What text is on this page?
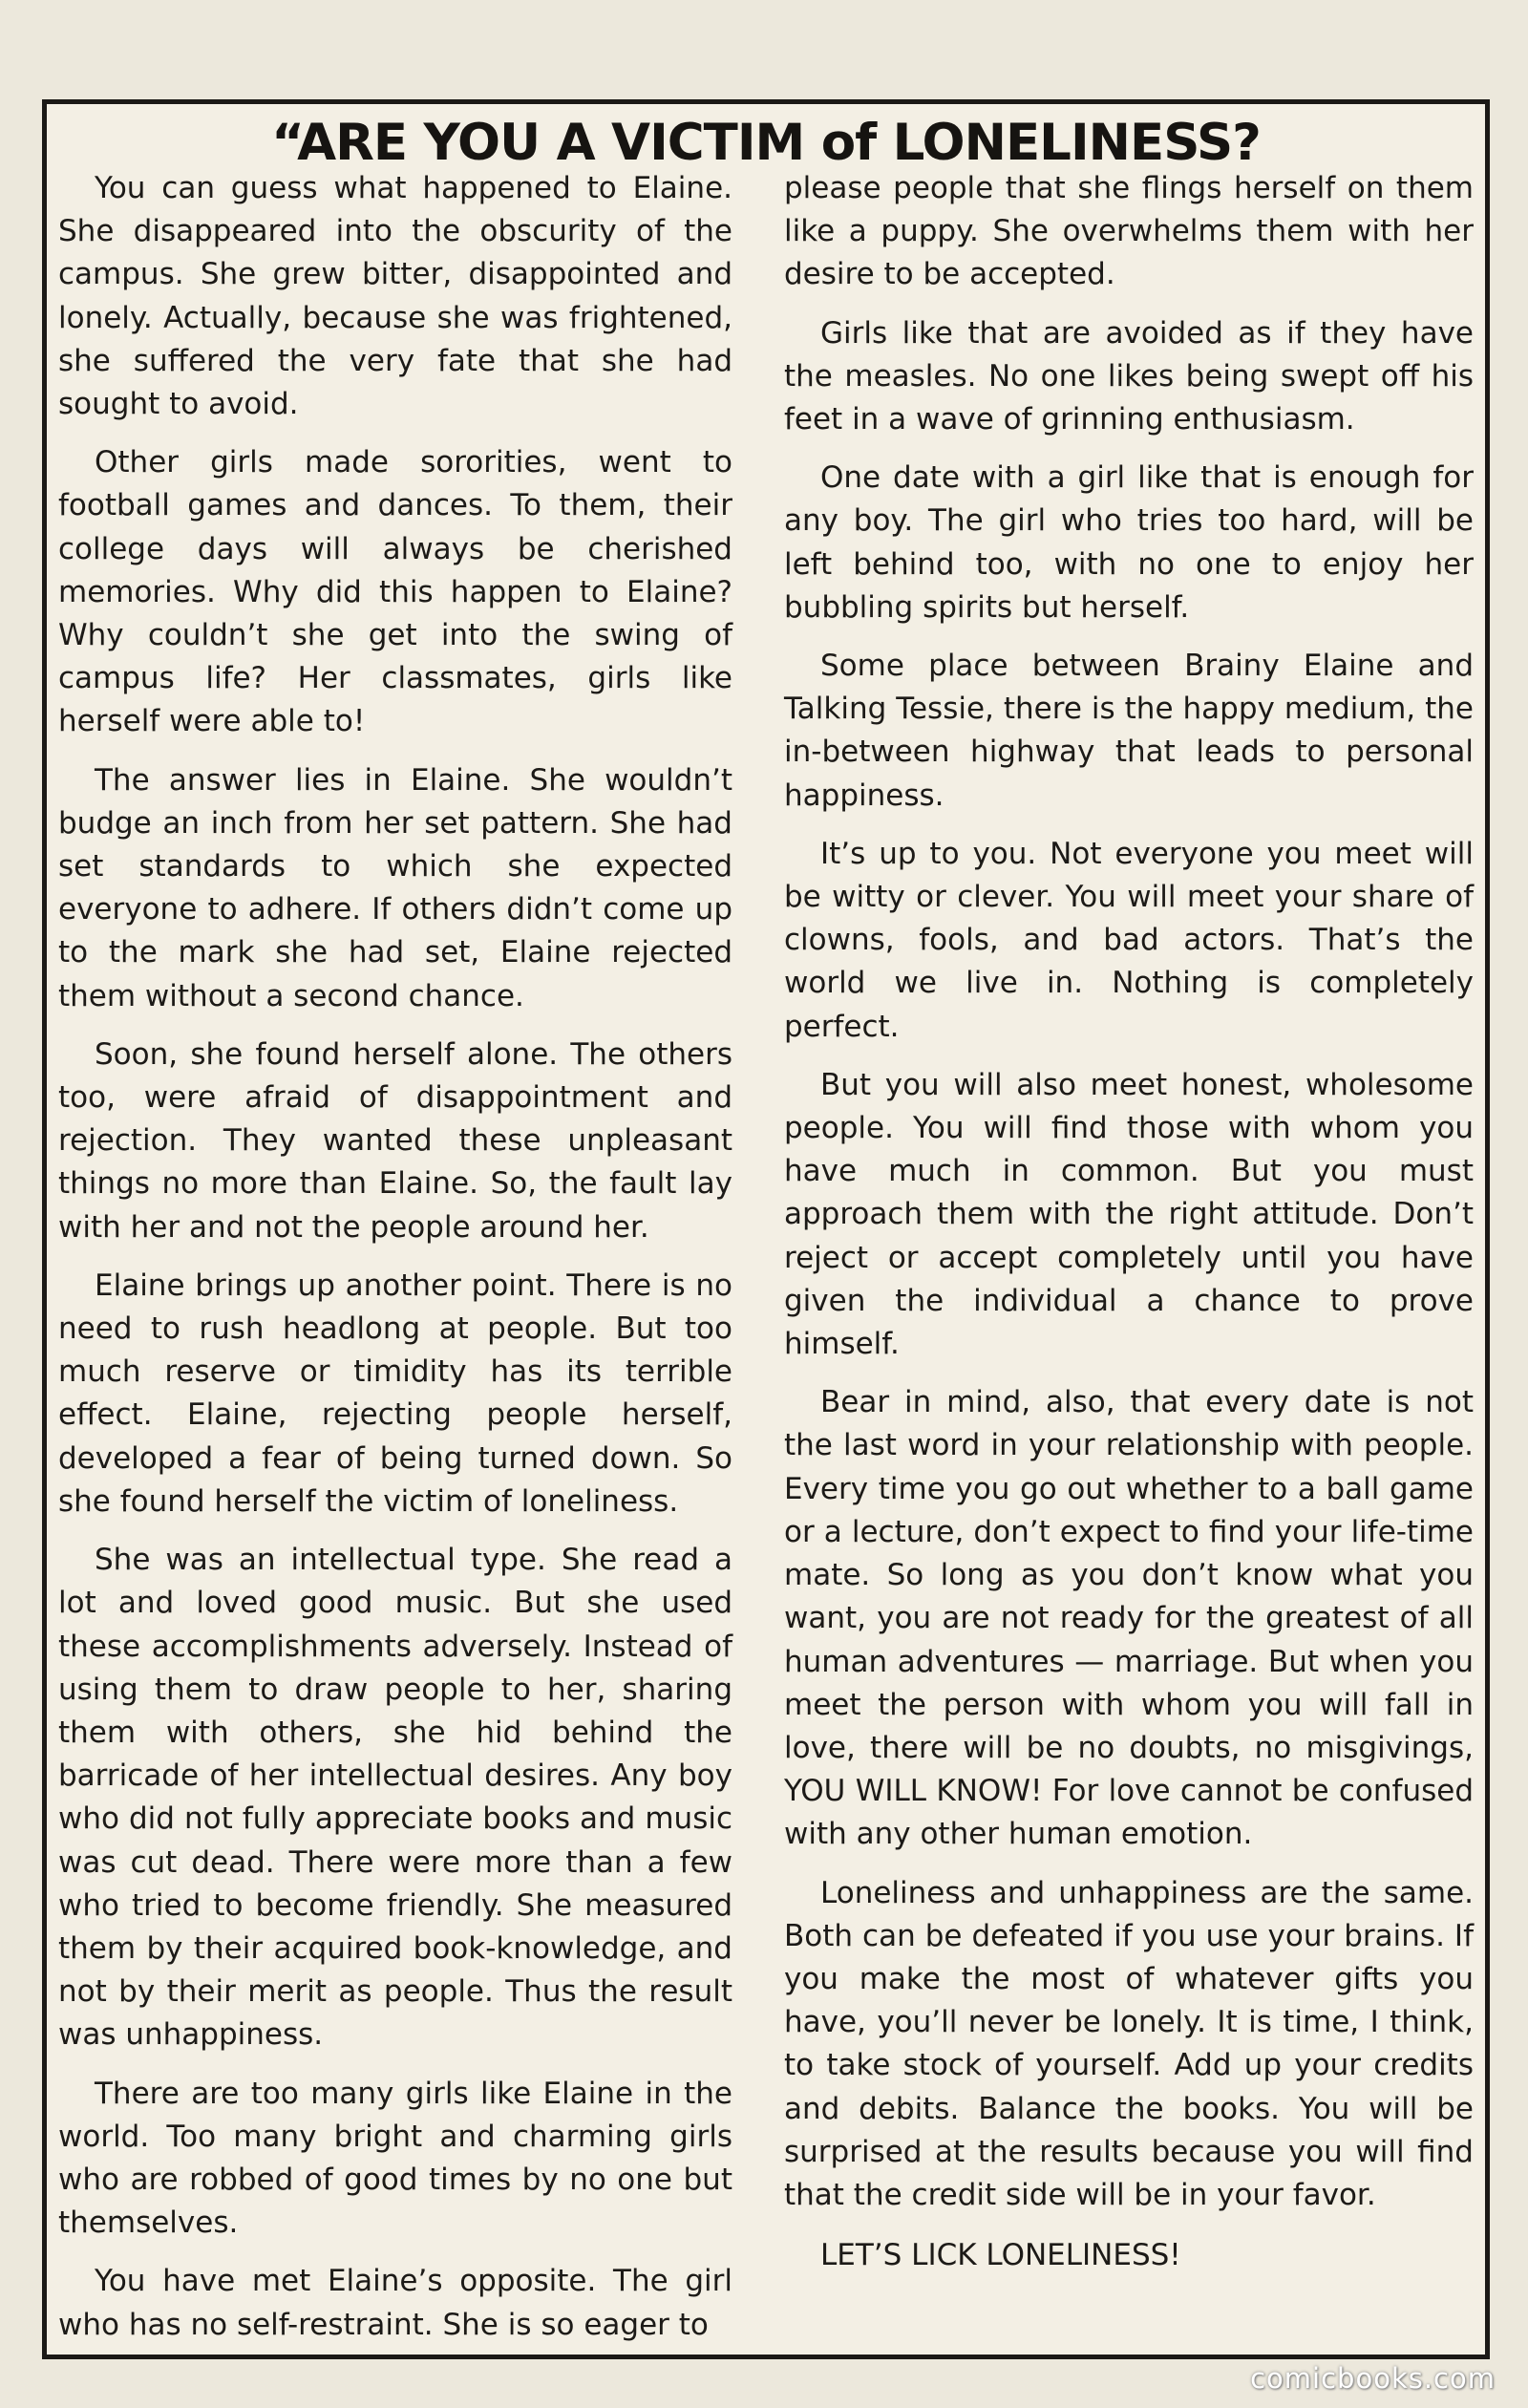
“ARE YOU A VICTIM of LONELINESS?

You can guess what happened to Elaine. She disappeared into the obscurity of the campus. She grew bitter, disappointed and lonely. Actually, because she was frightened, she suffered the very fate that she had sought to avoid.

Other girls made sororities, went to football games and dances. To them, their college days will always be cherished memories. Why did this happen to Elaine? Why couldn’t she get into the swing of campus life? Her classmates, girls like herself were able to!

The answer lies in Elaine. She wouldn’t budge an inch from her set pattern. She had set standards to which she expected everyone to adhere. If others didn’t come up to the mark she had set, Elaine rejected them without a second chance.

Soon, she found herself alone. The others too, were afraid of disappointment and rejection. They wanted these unpleasant things no more than Elaine. So, the fault lay with her and not the people around her.

Elaine brings up another point. There is no need to rush headlong at people. But too much reserve or timidity has its terrible effect. Elaine, rejecting people herself, developed a fear of being turned down. So she found herself the victim of loneliness.

She was an intellectual type. She read a lot and loved good music. But she used these accomplishments adversely. Instead of using them to draw people to her, sharing them with others, she hid behind the barricade of her intellectual desires. Any boy who did not fully appreciate books and music was cut dead. There were more than a few who tried to become friendly. She measured them by their acquired book-knowledge, and not by their merit as people. Thus the result was unhappiness.

There are too many girls like Elaine in the world. Too many bright and charming girls who are robbed of good times by no one but themselves.

You have met Elaine’s opposite. The girl who has no self-restraint. She is so eager to

please people that she flings herself on them like a puppy. She overwhelms them with her desire to be accepted.

Girls like that are avoided as if they have the measles. No one likes being swept off his feet in a wave of grinning enthusiasm.

One date with a girl like that is enough for any boy. The girl who tries too hard, will be left behind too, with no one to enjoy her bubbling spirits but herself.

Some place between Brainy Elaine and Talking Tessie, there is the happy medium, the in-between highway that leads to personal happiness.

It’s up to you. Not everyone you meet will be witty or clever. You will meet your share of clowns, fools, and bad actors. That’s the world we live in. Nothing is completely perfect.

But you will also meet honest, wholesome people. You will find those with whom you have much in common. But you must approach them with the right attitude. Don’t reject or accept completely until you have given the individual a chance to prove himself.

Bear in mind, also, that every date is not the last word in your relationship with people. Every time you go out whether to a ball game or a lecture, don’t expect to find your life-time mate. So long as you don’t know what you want, you are not ready for the greatest of all human adventures — marriage. But when you meet the person with whom you will fall in love, there will be no doubts, no misgivings, YOU WILL KNOW! For love cannot be confused with any other human emotion.

Loneliness and unhappiness are the same. Both can be defeated if you use your brains. If you make the most of whatever gifts you have, you’ll never be lonely. It is time, I think, to take stock of yourself. Add up your credits and debits. Balance the books. You will be surprised at the results because you will find that the credit side will be in your favor.

LET’S LICK LONELINESS!

comicbooks.com
